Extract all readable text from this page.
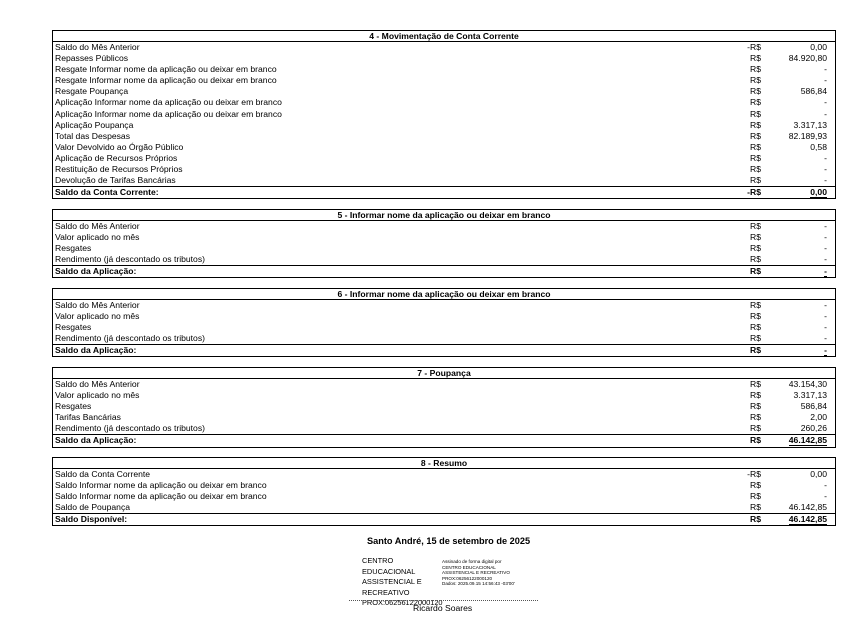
4 - Movimentação de Conta Corrente
Saldo do Mês Anterior	-R$	0,00
Repasses Públicos	R$	84.920,80
Resgate Informar nome da aplicação ou deixar em branco	R$	-
Resgate Informar nome da aplicação ou deixar em branco	R$	-
Resgate Poupança	R$	586,84
Aplicação Informar nome da aplicação ou deixar em branco	R$	-
Aplicação Informar nome da aplicação ou deixar em branco	R$	-
Aplicação Poupança	R$	3.317,13
Total das Despesas	R$	82.189,93
Valor Devolvido ao Órgão Público	R$	0,58
Aplicação de Recursos Próprios	R$	-
Restituição de Recursos Próprios	R$	-
Devolução de Tarifas Bancárias	R$	-
Saldo da Conta Corrente:	-R$	0,00
5 - Informar nome da aplicação ou deixar em branco
Saldo do Mês Anterior	R$	-
Valor aplicado no mês	R$	-
Resgates	R$	-
Rendimento (já descontado os tributos)	R$	-
Saldo da Aplicação:	R$	-
6 - Informar nome da aplicação ou deixar em branco
Saldo do Mês Anterior	R$	-
Valor aplicado no mês	R$	-
Resgates	R$	-
Rendimento (já descontado os tributos)	R$	-
Saldo da Aplicação:	R$	-
7 - Poupança
Saldo do Mês Anterior	R$	43.154,30
Valor aplicado no mês	R$	3.317,13
Resgates	R$	586,84
Tarifas Bancárias	R$	2,00
Rendimento (já descontado os tributos)	R$	260,26
Saldo da Aplicação:	R$	46.142,85
8 - Resumo
Saldo da Conta Corrente	-R$	0,00
Saldo Informar nome da aplicação ou deixar em branco	R$	-
Saldo Informar nome da aplicação ou deixar em branco	R$	-
Saldo de Poupança	R$	46.142,85
Saldo Disponível:	R$	46.142,85
Santo André, 15 de setembro de 2025
CENTRO EDUCACIONAL
ASSISTENCIAL E
RECREATIVO
PROX:06256122000120
Assinado de forma digital por
CENTRO EDUCACIONAL
ASSISTENCIAL E RECREATIVO
PROX:06256122000120
Dados: 2025.09.15 14:56:43 -03'00'
Ricardo Soares
